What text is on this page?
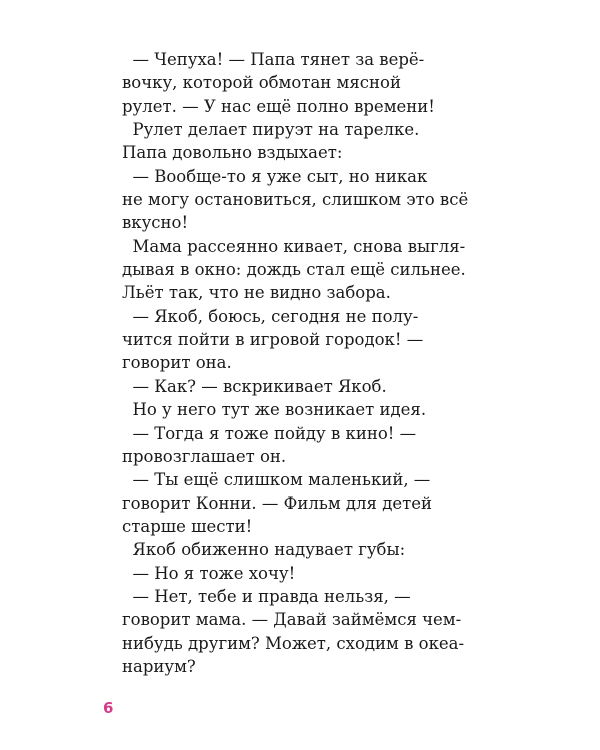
— Чепуха! — Папа тянет за верё-
вочку, которой обмотан мясной
рулет. — У нас ещё полно времени!
Рулет делает пируэт на тарелке.
Папа довольно вздыхает:
— Вообще-то я уже сыт, но никак
не могу остановиться, слишком это всё
вкусно!
Мама рассеянно кивает, снова выгля-
дывая в окно: дождь стал ещё сильнее.
Льёт так, что не видно забора.
— Якоб, боюсь, сегодня не полу-
чится пойти в игровой городок! —
говорит она.
— Как? — вскрикивает Якоб.
Но у него тут же возникает идея.
— Тогда я тоже пойду в кино! —
провозглашает он.
— Ты ещё слишком маленький, —
говорит Конни. — Фильм для детей
старше шести!
Якоб обиженно надувает губы:
— Но я тоже хочу!
— Нет, тебе и правда нельзя, —
говорит мама. — Давай займёмся чем-
нибудь другим? Может, сходим в океа-
нариум?
6
